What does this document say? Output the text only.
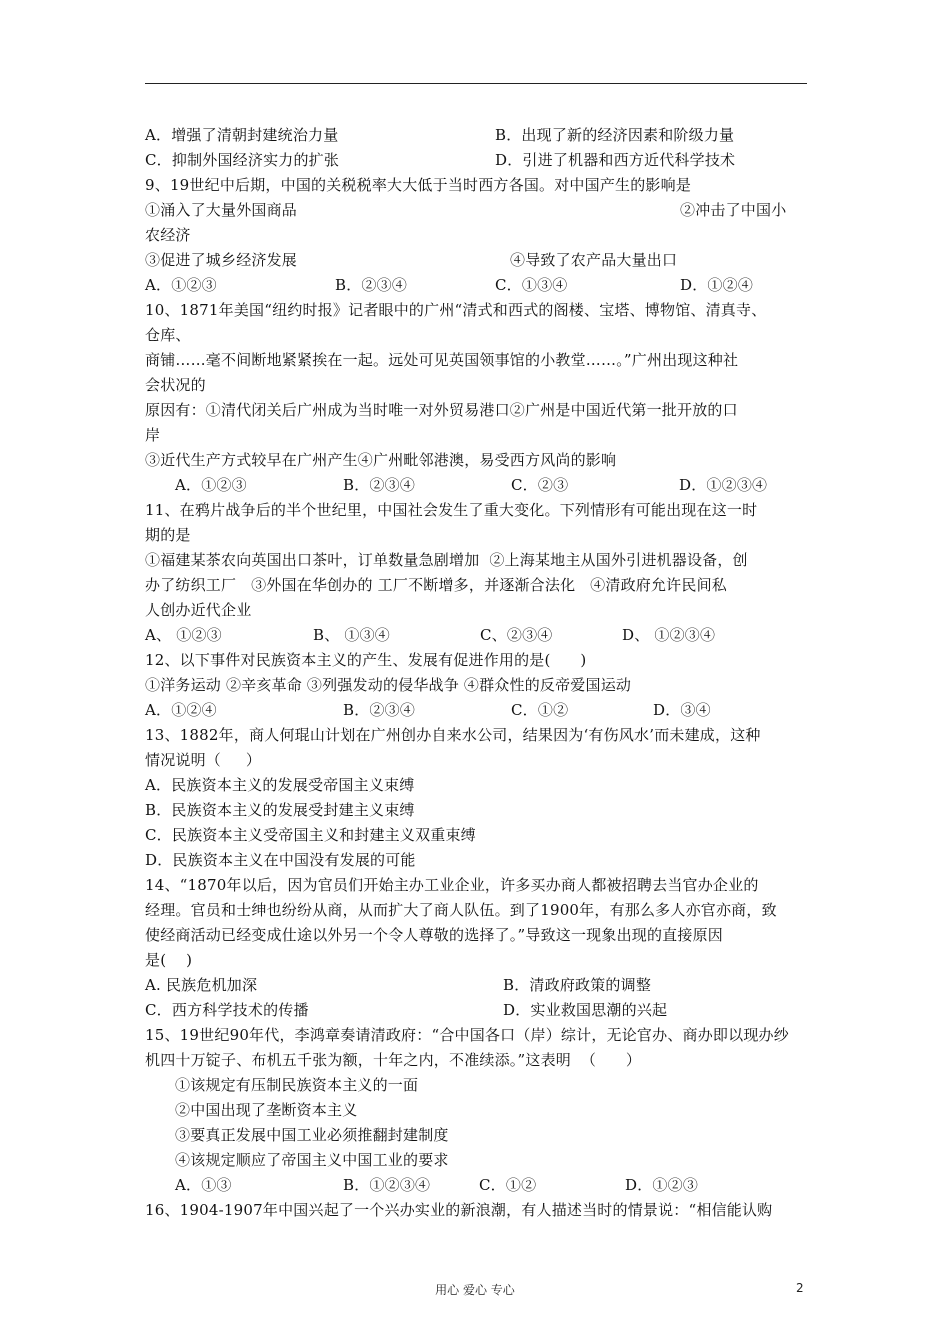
A．增强了清朝封建统治力量	B．出现了新的经济因素和阶级力量
C．抑制外国经济实力的扩张	D．引进了机器和西方近代科学技术
9、19世纪中后期，中国的关税税率大大低于当时西方各国。对中国产生的影响是
①涌入了大量外国商品	②冲击了中国小
农经济
③促进了城乡经济发展	④导致了农产品大量出口
A．①②③	B．②③④	C．①③④	D．①②④
10、1871年美国“纽约时报》记者眼中的广州“清式和西式的阁楼、宝塔、博物馆、清真寺、
仓库、
商铺……毫不间断地紧紧挨在一起。远处可见英国领事馆的小教堂……。”广州出现这种社
会状况的
原因有：①清代闭关后广州成为当时唯一对外贸易港口②广州是中国近代第一批开放的口
岸
③近代生产方式较早在广州产生④广州毗邻港澳，易受西方风尚的影响
A．①②③	B．②③④	C．②③	D．①②③④
11、在鸦片战争后的半个世纪里，中国社会发生了重大变化。下列情形有可能出现在这一时
期的是
①福建某茶农向英国出口茶叶，订单数量急剧增加  ②上海某地主从国外引进机器设备，创
办了纺织工厂   ③外国在华创办的 工厂不断增多，并逐渐合法化   ④清政府允许民间私
人创办近代企业
A、 ①②③	B、 ①③④	C、②③④	D、 ①②③④
12、以下事件对民族资本主义的产生、发展有促进作用的是(      )
①洋务运动 ②辛亥革命 ③列强发动的侵华战争 ④群众性的反帝爱国运动
A．①②④	B．②③④	C．①②	D．③④
13、1882年，商人何琨山计划在广州创办自来水公司，结果因为‘有伤风水’而未建成，这种
情况说明（     ）
A．民族资本主义的发展受帝国主义束缚
B．民族资本主义的发展受封建主义束缚
C．民族资本主义受帝国主义和封建主义双重束缚
D．民族资本主义在中国没有发展的可能
14、“1870年以后，因为官员们开始主办工业企业，许多买办商人都被招聘去当官办企业的
经理。官员和士绅也纷纷从商，从而扩大了商人队伍。到了1900年，有那么多人亦官亦商，致
使经商活动已经变成仕途以外另一个令人尊敬的选择了。”导致这一现象出现的直接原因
是(    )
A. 民族危机加深	B．清政府政策的调整
C．西方科学技术的传播	D．实业救国思潮的兴起
15、19世纪90年代，李鸿章奏请清政府：“合中国各口（岸）综计，无论官办、商办即以现办纱
机四十万锭子、布机五千张为额，十年之内，不准续添。”这表明  （      ）
①该规定有压制民族资本主义的一面
②中国出现了垄断资本主义
③要真正发展中国工业必须推翻封建制度
④该规定顺应了帝国主义中国工业的要求
A．①③	B．①②③④	C．①②	D．①②③
16、1904-1907年中国兴起了一个兴办实业的新浪潮，有人描述当时的情景说：“相信能认购
用心 爱心 专心	2
